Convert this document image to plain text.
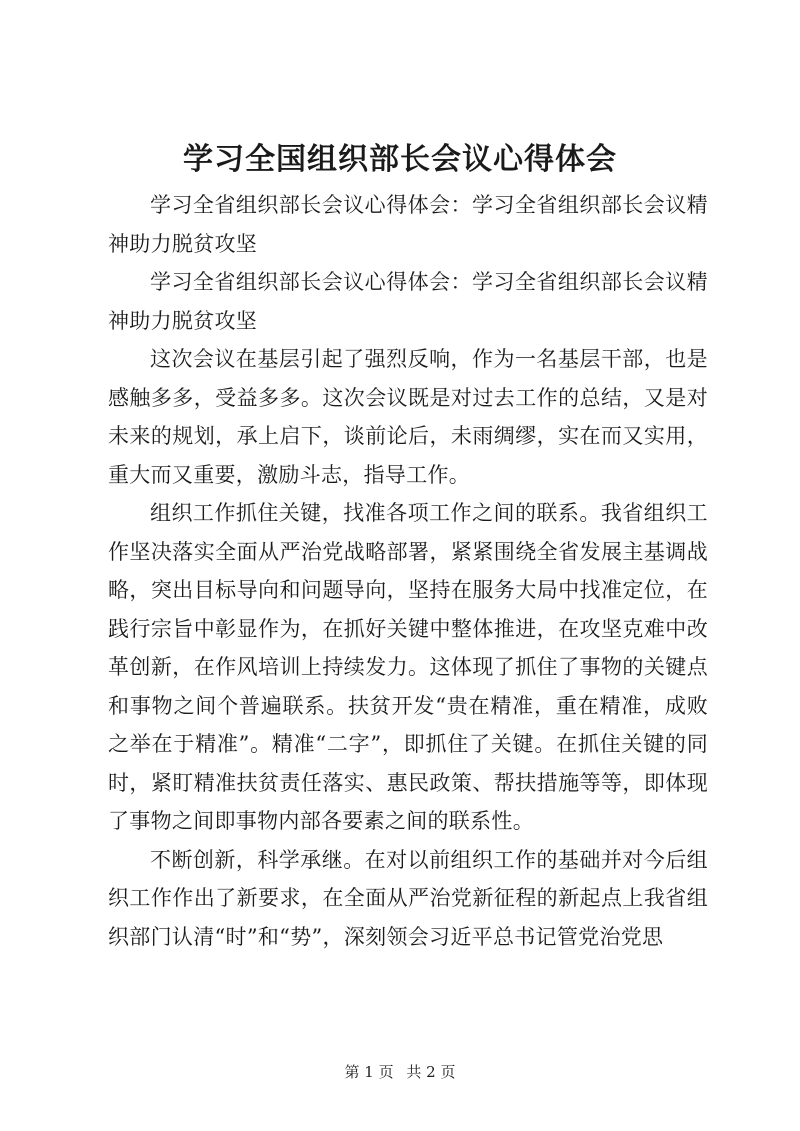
学习全国组织部长会议心得体会

学习全省组织部长会议心得体会：学习全省组织部长会议精神助力脱贫攻坚

学习全省组织部长会议心得体会：学习全省组织部长会议精神助力脱贫攻坚

这次会议在基层引起了强烈反响，作为一名基层干部，也是感触多多，受益多多。这次会议既是对过去工作的总结，又是对未来的规划，承上启下，谈前论后，未雨绸缪，实在而又实用，重大而又重要，激励斗志，指导工作。

组织工作抓住关键，找准各项工作之间的联系。我省组织工作坚决落实全面从严治党战略部署，紧紧围绕全省发展主基调战略，突出目标导向和问题导向，坚持在服务大局中找准定位，在践行宗旨中彰显作为，在抓好关键中整体推进，在攻坚克难中改革创新，在作风培训上持续发力。这体现了抓住了事物的关键点和事物之间个普遍联系。扶贫开发“贵在精准，重在精准，成败之举在于精准”。精准“二字”，即抓住了关键。在抓住关键的同时，紧盯精准扶贫责任落实、惠民政策、帮扶措施等等，即体现了事物之间即事物内部各要素之间的联系性。

不断创新，科学承继。在对以前组织工作的基础并对今后组织工作作出了新要求，在全面从严治党新征程的新起点上我省组织部门认清“时”和“势”，深刻领会习近平总书记管党治党思

第 1 页 共 2 页
